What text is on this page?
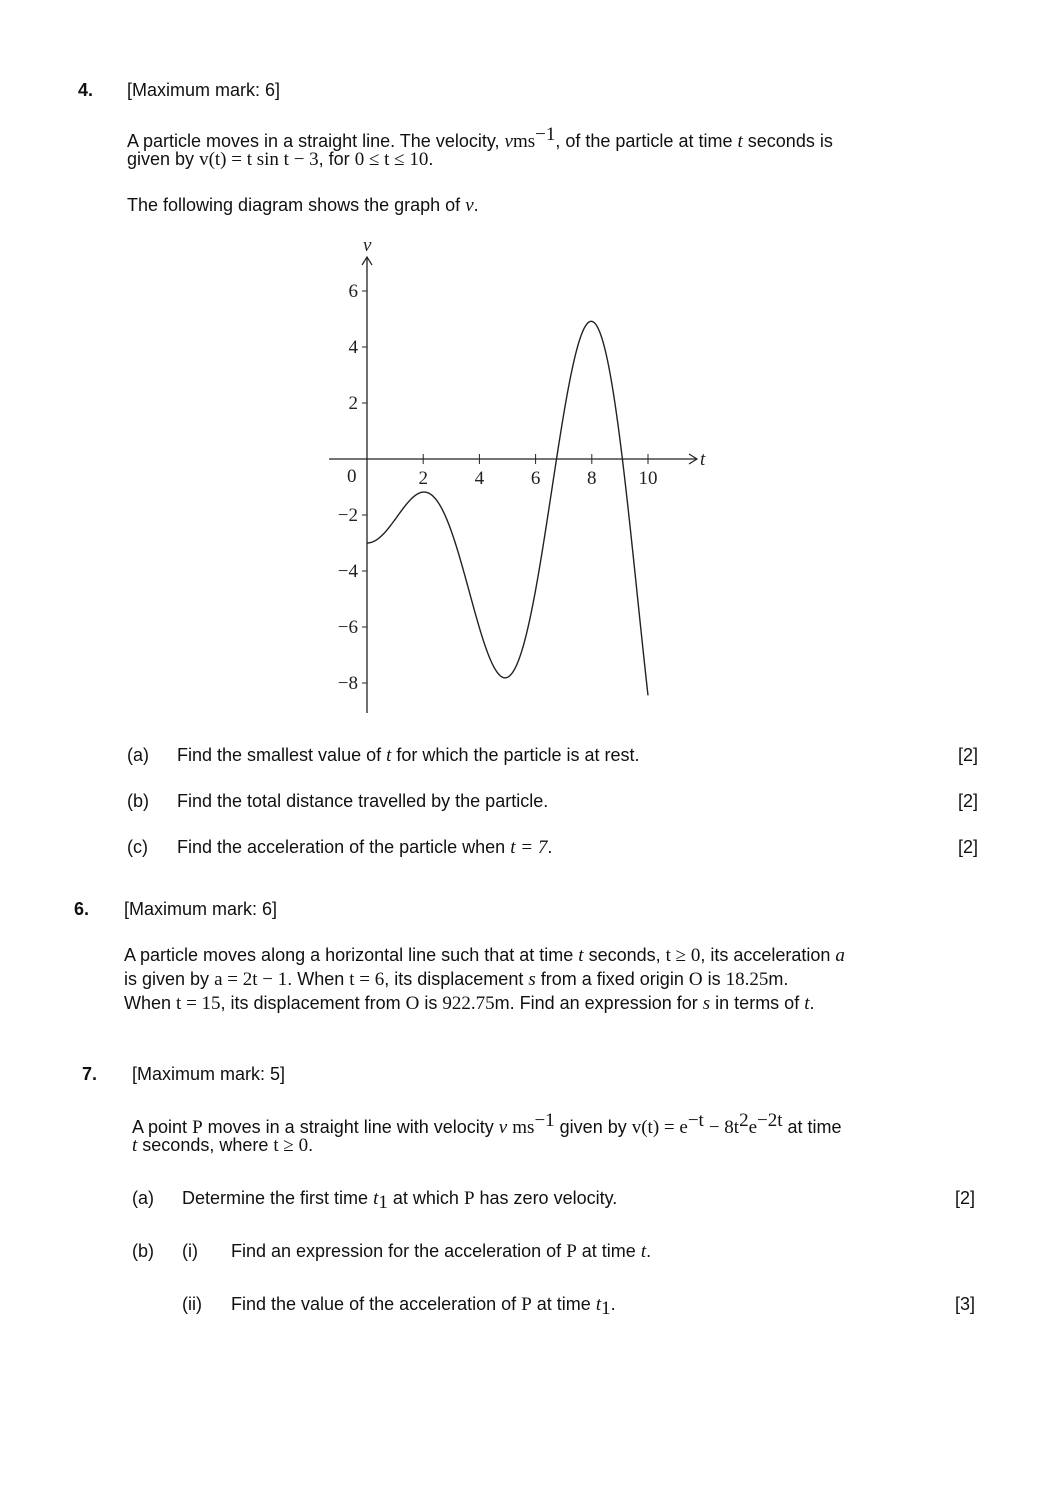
4. [Maximum mark: 6]
A particle moves in a straight line. The velocity, vms$^{-1}$, of the particle at time t seconds is
given by v(t) = t sin t − 3, for 0 ≤ t ≤ 10.
The following diagram shows the graph of v.
t
v
0	2 4 6 8 10
6
4
2
−2
−4
−6
−8
(a) Find the smallest value of t for which the particle is at rest.	[2]
(b) Find the total distance travelled by the particle.	[2]
(c) Find the acceleration of the particle when t = 7.	[2]
6. [Maximum mark: 6]
A particle moves along a horizontal line such that at time t seconds, t ≥ 0, its acceleration a
is given by a = 2t − 1. When t = 6, its displacement s from a fixed origin O is 18.25m.
When t = 15, its displacement from O is 922.75m. Find an expression for s in terms of t.
7. [Maximum mark: 5]
A point P moves in a straight line with velocity v $ms^{-1}$ given by $v(t) = e^{-t} - 8t^2e^{-2t}$ at time
t seconds, where t ≥ 0.
(a) Determine the first time $t_1$ at which P has zero velocity.	[2]
(b) (i) Find an expression for the acceleration of P at time t.
(ii) Find the value of the acceleration of P at time $t_1$.	[3]
